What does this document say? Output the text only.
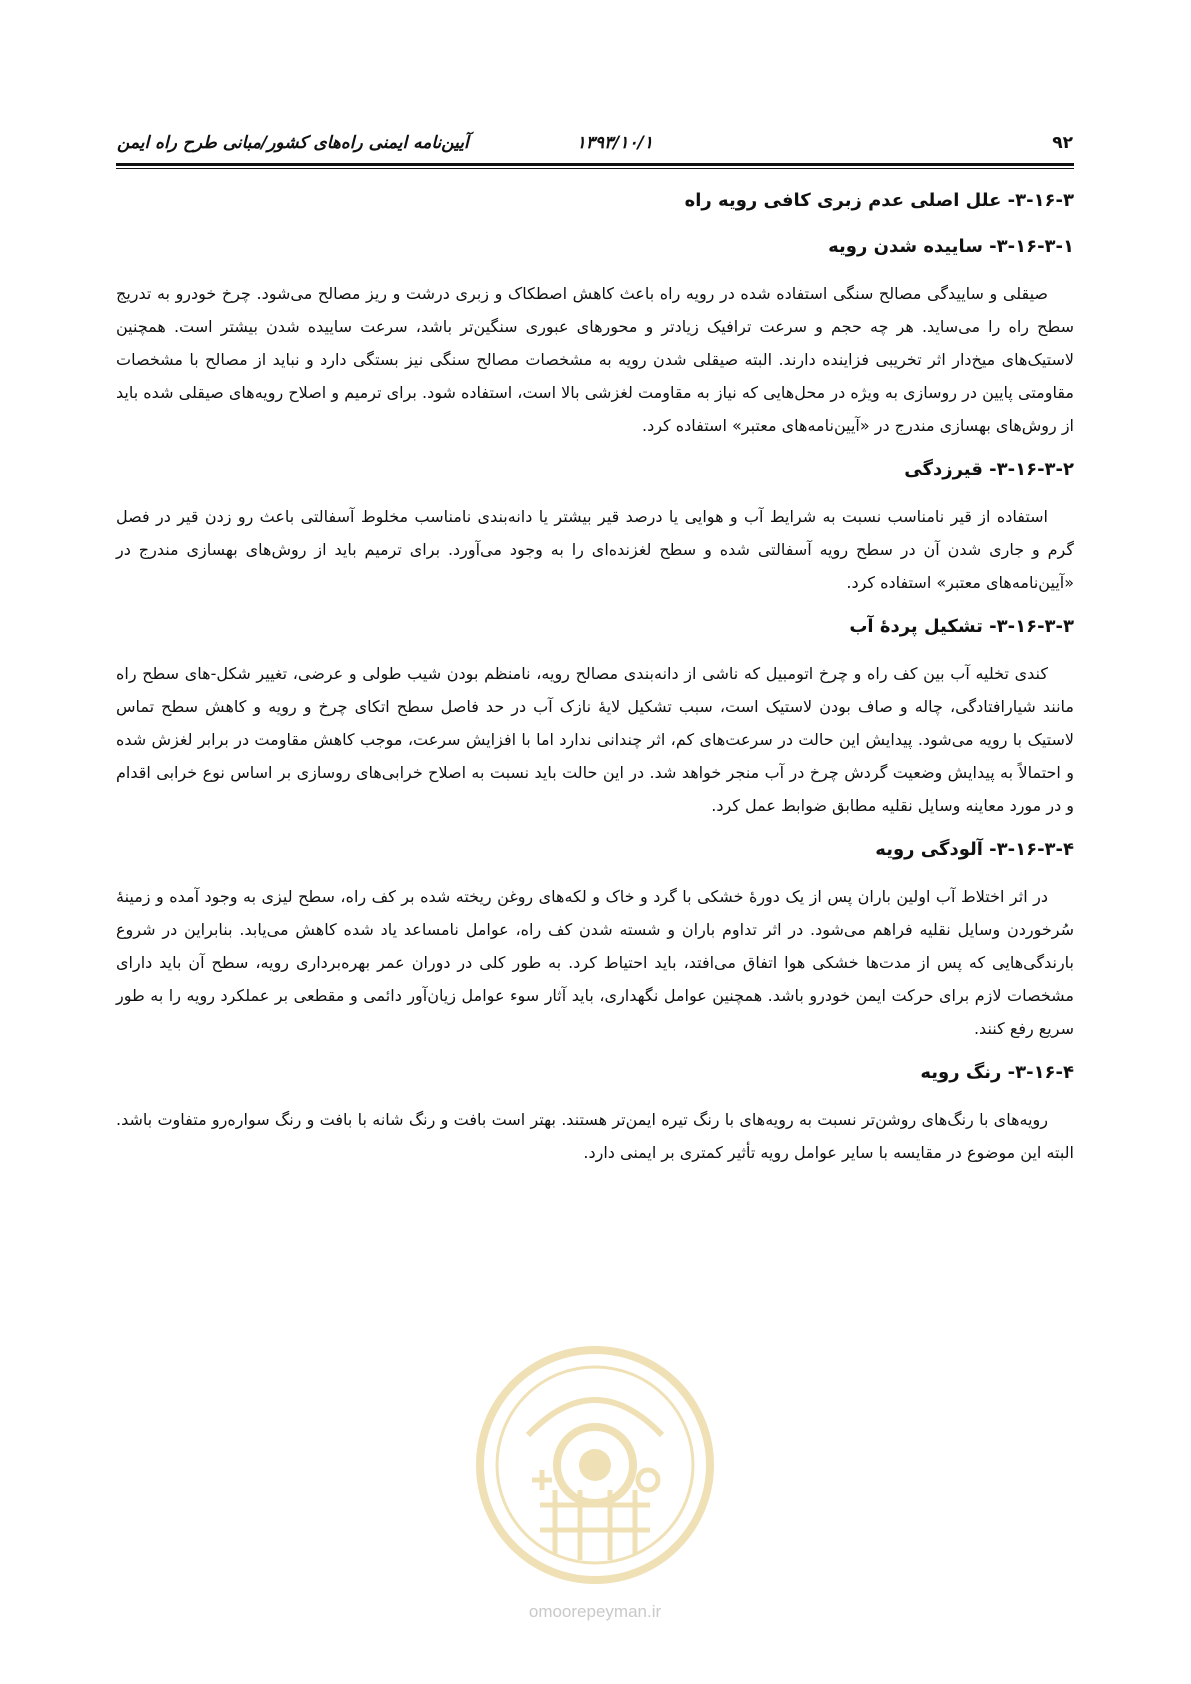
۹۲
۱۳۹۳/۱۰/۱
آیین‌نامه ایمنی راه‌های کشور/مبانی طرح راه ایمن
۳-۱۶-۳- علل اصلی عدم زبری کافی رویه راه
۳-۱۶-۳-۱- ساییده شدن رویه

صیقلی و ساییدگی مصالح سنگی استفاده شده در رویه راه باعث کاهش اصطکاک و زبری درشت و ریز مصالح می‌شود. چرخ خودرو به تدریج سطح راه را می‌ساید. هر چه حجم و سرعت ترافیک زیادتر و محورهای عبوری سنگین‌تر باشد، سرعت ساییده شدن بیشتر است. همچنین لاستیک‌های میخ‌دار اثر تخریبی فزاینده دارند. البته صیقلی شدن رویه به مشخصات مصالح سنگی نیز بستگی دارد و نباید از مصالح با مشخصات مقاومتی پایین در روسازی به ویژه در محل‌هایی که نیاز به مقاومت لغزشی بالا است، استفاده شود. برای ترمیم و اصلاح رویه‌های صیقلی شده باید از روش‌های بهسازی مندرج در «آیین‌نامه‌های معتبر» استفاده کرد.

۳-۱۶-۳-۲- قیرزدگی

استفاده از قیر نامناسب نسبت به شرایط آب و هوایی یا درصد قیر بیشتر یا دانه‌بندی نامناسب مخلوط آسفالتی باعث رو زدن قیر در فصل گرم و جاری شدن آن در سطح رویه آسفالتی شده و سطح لغزنده‌ای را به وجود می‌آورد. برای ترمیم باید از روش‌های بهسازی مندرج در «آیین‌نامه‌های معتبر» استفاده کرد.

۳-۱۶-۳-۳- تشکیل پردهٔ آب

کندی تخلیه آب بین کف راه و چرخ اتومبیل که ناشی از دانه‌بندی مصالح رویه، نامنظم بودن شیب طولی و عرضی، تغییر شکل‌-های سطح راه مانند شیارافتادگی، چاله و صاف بودن لاستیک است، سبب تشکیل لایهٔ نازک آب در حد فاصل سطح اتکای چرخ و رویه و کاهش سطح تماس لاستیک با رویه می‌شود. پیدایش این حالت در سرعت‌های کم، اثر چندانی ندارد اما با افزایش سرعت، موجب کاهش مقاومت در برابر لغزش شده و احتمالاً به پیدایش وضعیت گردش چرخ در آب منجر خواهد شد. در این حالت باید نسبت به اصلاح خرابی‌های روسازی بر اساس نوع خرابی اقدام و در مورد معاینه وسایل نقلیه مطابق ضوابط عمل کرد.

۳-۱۶-۳-۴- آلودگی رویه

در اثر اختلاط آب اولین باران پس از یک دورهٔ خشکی با گرد و خاک و لکه‌های روغن ریخته شده بر کف راه، سطح لیزی به وجود آمده و زمینهٔ سُرخوردن وسایل نقلیه فراهم می‌شود. در اثر تداوم باران و شسته شدن کف راه، عوامل نامساعد یاد شده کاهش می‌یابد. بنابراین در شروع بارندگی‌هایی که پس از مدت‌ها خشکی هوا اتفاق می‌افتد، باید احتیاط کرد. به طور کلی در دوران عمر بهره‌برداری رویه، سطح آن باید دارای مشخصات لازم برای حرکت ایمن خودرو باشد. همچنین عوامل نگهداری، باید آثار سوء عوامل زیان‌آور دائمی و مقطعی بر عملکرد رویه را به طور سریع رفع کنند.

۳-۱۶-۴- رنگ رویه

رویه‌های با رنگ‌های روشن‌تر نسبت به رویه‌های با رنگ تیره ایمن‌تر هستند. بهتر است بافت و رنگ شانه با بافت و رنگ سواره‌رو متفاوت باشد. البته این موضوع در مقایسه با سایر عوامل رویه تأثیر کمتری بر ایمنی دارد.

omoorepeyman.ir
